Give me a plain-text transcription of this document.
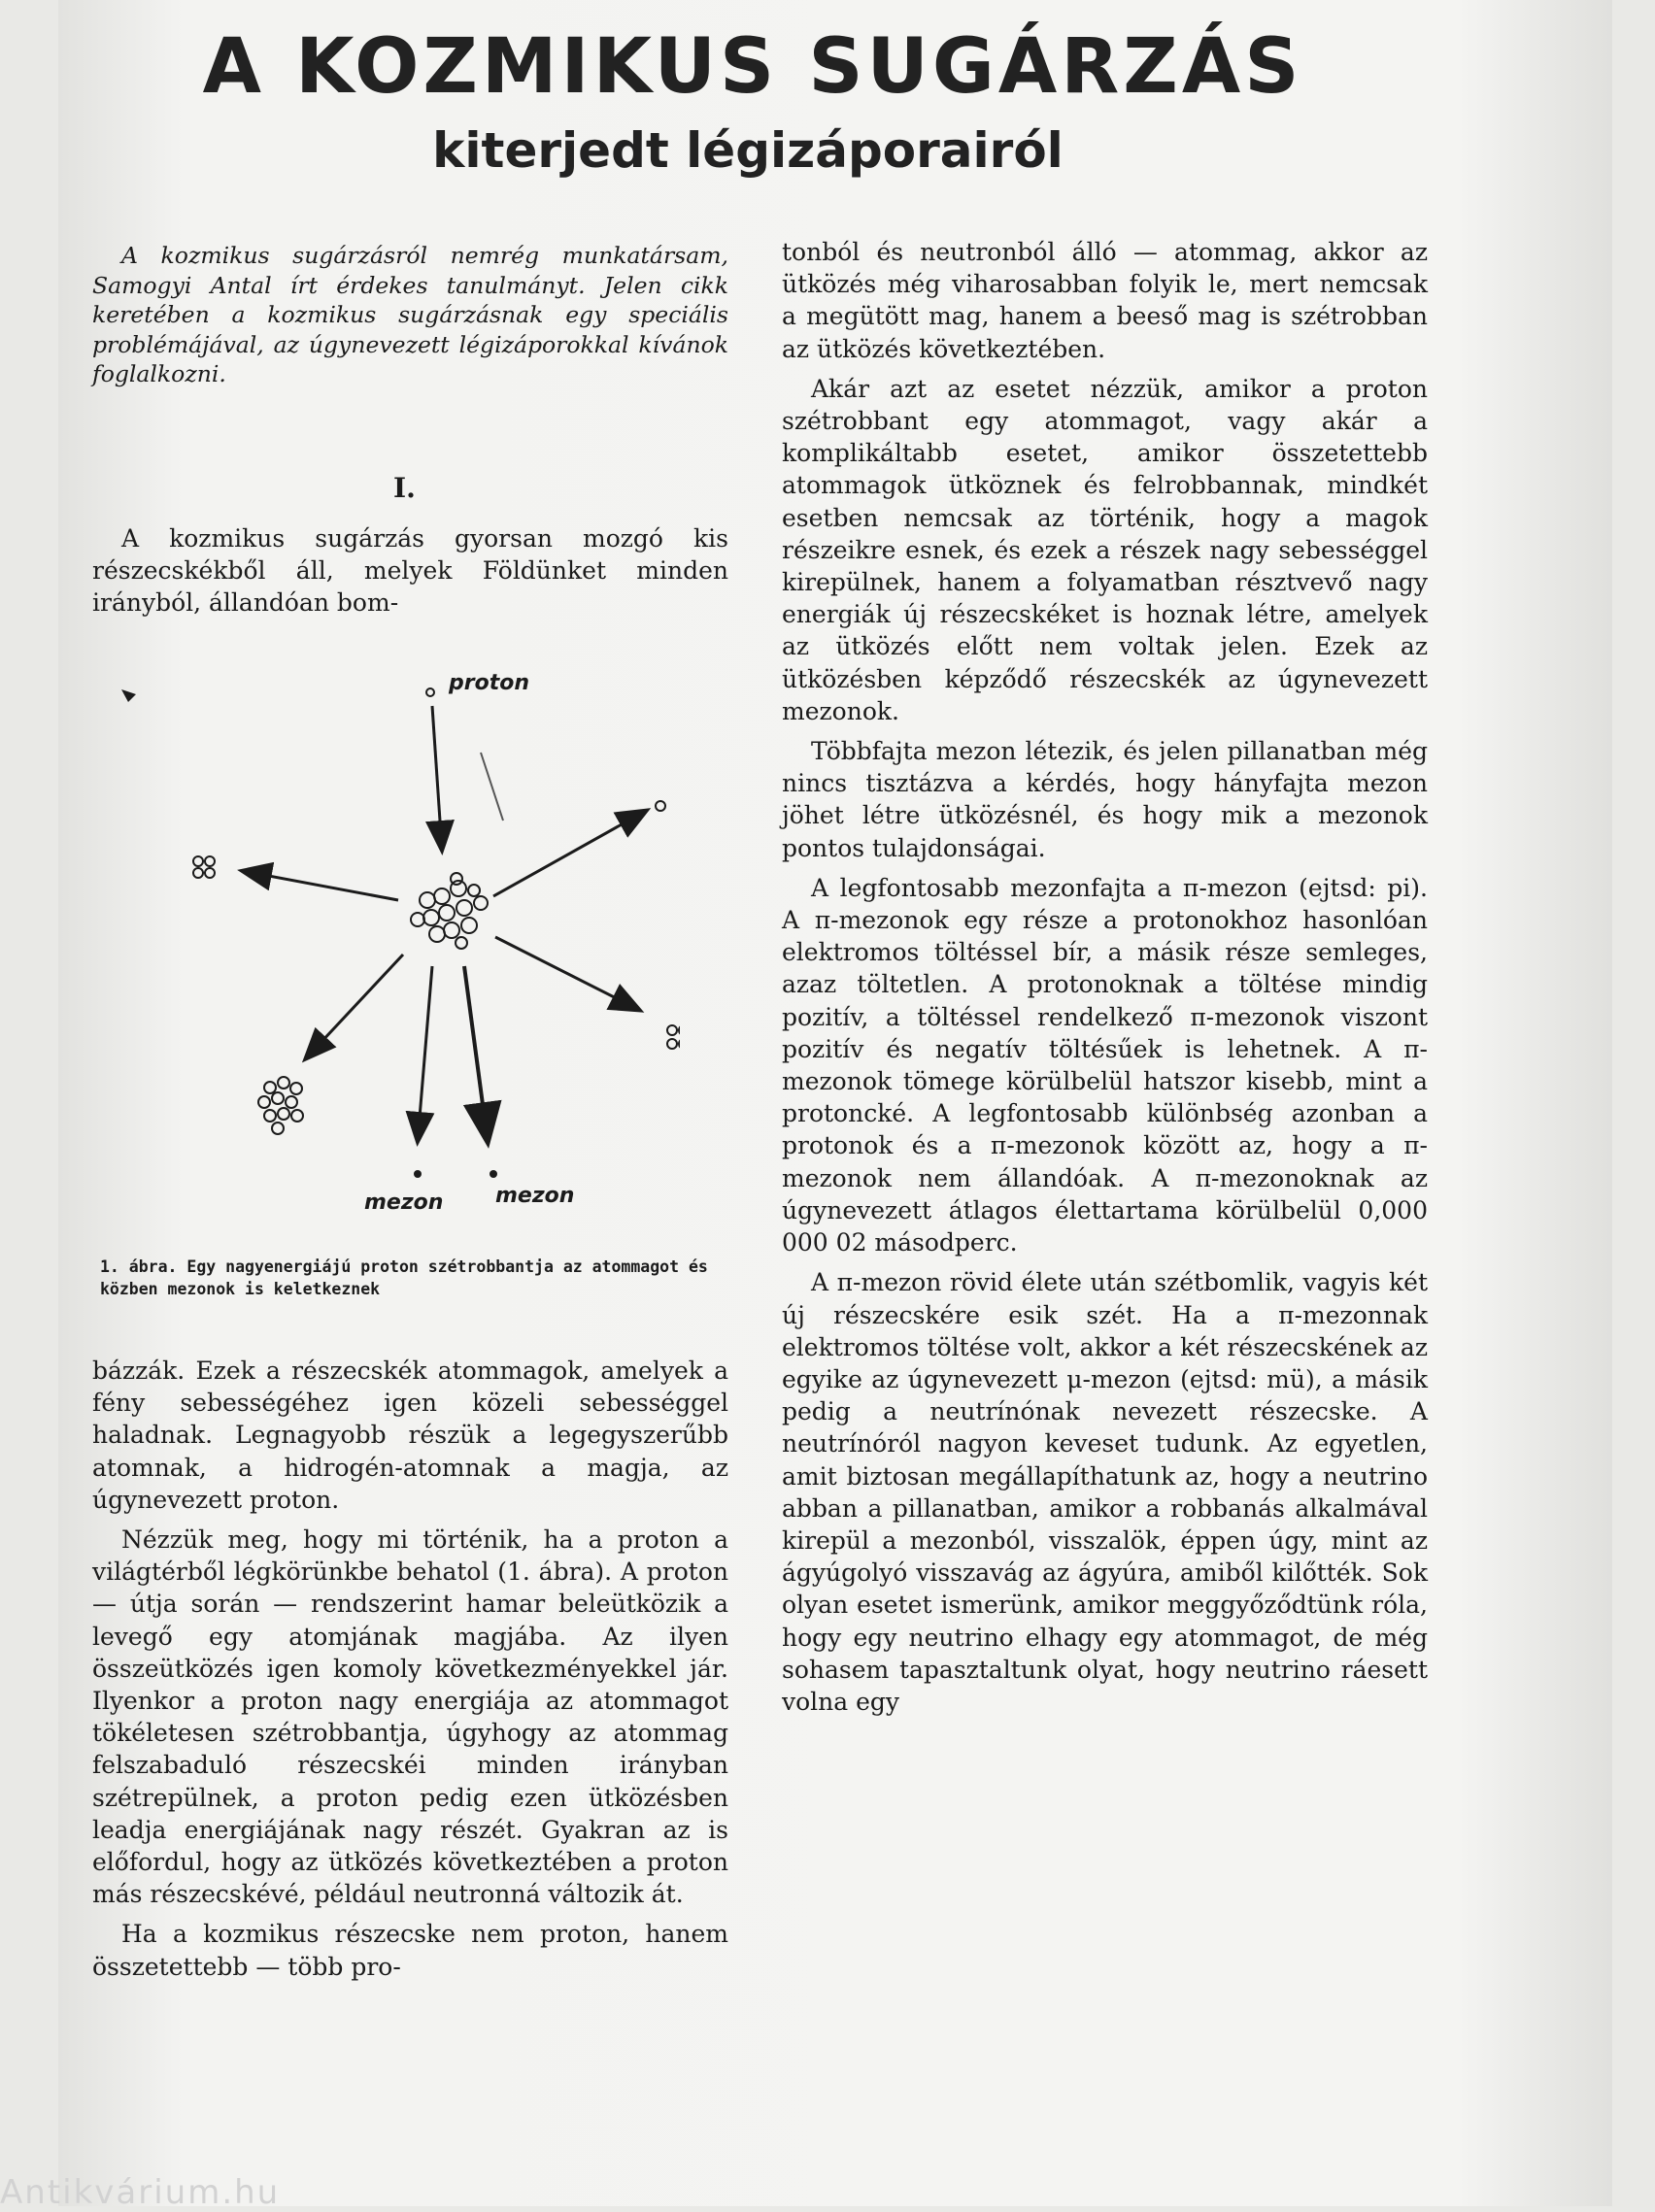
A KOZMIKUS SUGÁRZÁS
kiterjedt légizáporairól
A kozmikus sugárzásról nemrég munkatársam, Samogyi Antal írt érdekes tanulmányt. Jelen cikk keretében a kozmikus sugárzásnak egy speciális problémájával, az úgynevezett légizáporokkal kívánok foglalkozni.
I.

A kozmikus sugárzás gyorsan mozgó kis részecskékből áll, melyek Földünket minden irányból, állandóan bom-

proton
mezon mezon
1. ábra. Egy nagyenergiájú proton szétrobbantja az atommagot és közben mezonok is keletkeznek

bázzák. Ezek a részecskék atommagok, amelyek a fény sebességéhez igen közeli sebességgel haladnak. Legnagyobb részük a legegyszerűbb atomnak, a hidrogén-atomnak a magja, az úgynevezett proton.

Nézzük meg, hogy mi történik, ha a proton a világtérből légkörünkbe behatol (1. ábra). A proton — útja során — rendszerint hamar beleütközik a levegő egy atomjának magjába. Az ilyen összeütközés igen komoly következményekkel jár. Ilyenkor a proton nagy energiája az atommagot tökéletesen szétrobbantja, úgyhogy az atommag felszabaduló részecskéi minden irányban szétrepülnek, a proton pedig ezen ütközésben leadja energiájának nagy részét. Gyakran az is előfordul, hogy az ütközés következtében a proton más részecskévé, például neutronná változik át.

Ha a kozmikus részecske nem proton, hanem összetettebb — több pro-

tonból és neutronból álló — atommag, akkor az ütközés még viharosabban folyik le, mert nemcsak a megütött mag, hanem a beeső mag is szétrobban az ütközés következtében.

Akár azt az esetet nézzük, amikor a proton szétrobbant egy atommagot, vagy akár a komplikáltabb esetet, amikor összetettebb atommagok ütköznek és felrobbannak, mindkét esetben nemcsak az történik, hogy a magok részeikre esnek, és ezek a részek nagy sebességgel kirepülnek, hanem a folyamatban résztvevő nagy energiák új részecskéket is hoznak létre, amelyek az ütközés előtt nem voltak jelen. Ezek az ütközésben képződő részecskék az úgynevezett mezonok.

Többfajta mezon létezik, és jelen pillanatban még nincs tisztázva a kérdés, hogy hányfajta mezon jöhet létre ütközésnél, és hogy mik a mezonok pontos tulajdonságai.

A legfontosabb mezonfajta a π-mezon (ejtsd: pi). A π-mezonok egy része a protonokhoz hasonlóan elektromos töltéssel bír, a másik része semleges, azaz töltetlen. A protonoknak a töltése mindig pozitív, a töltéssel rendelkező π-mezonok viszont pozitív és negatív töltésűek is lehetnek. A π-mezonok tömege körülbelül hatszor kisebb, mint a protoncké. A legfontosabb különbség azonban a protonok és a π-mezonok között az, hogy a π-mezonok nem állandóak. A π-mezonoknak az úgynevezett átlagos élettartama körülbelül 0,000 000 02 másodperc.

A π-mezon rövid élete után szétbomlik, vagyis két új részecskére esik szét. Ha a π-mezonnak elektromos töltése volt, akkor a két részecskének az egyike az úgynevezett μ-mezon (ejtsd: mü), a másik pedig a neutrínónak nevezett részecske. A neutrínóról nagyon keveset tudunk. Az egyetlen, amit biztosan megállapíthatunk az, hogy a neutrino abban a pillanatban, amikor a robbanás alkalmával kirepül a mezonból, visszalök, éppen úgy, mint az ágyúgolyó visszavág az ágyúra, amiből kilőtték. Sok olyan esetet ismerünk, amikor meggyőződtünk róla, hogy egy neutrino elhagy egy atommagot, de még sohasem tapasztaltunk olyat, hogy neutrino ráesett volna egy

Antikvárium.hu
